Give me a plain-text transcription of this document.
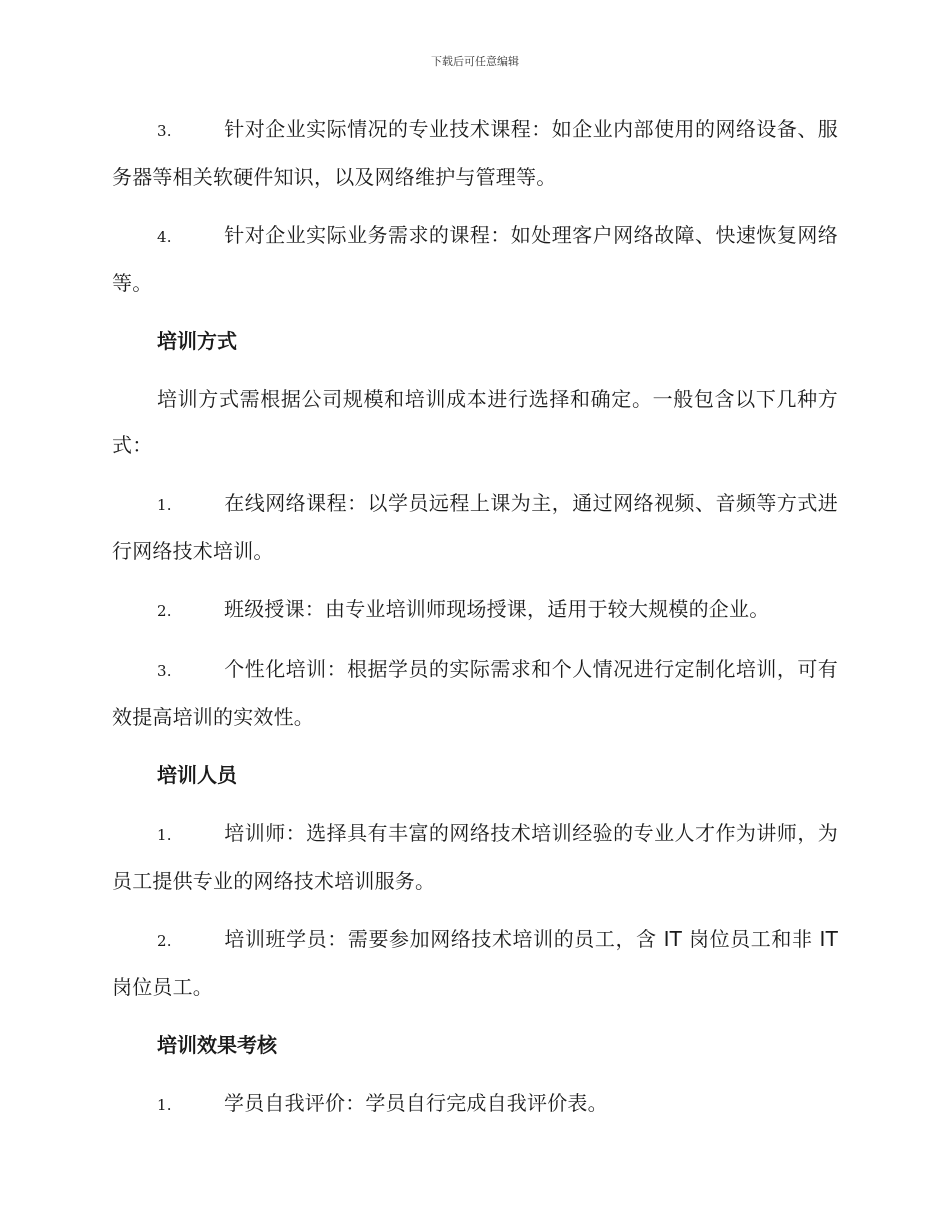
下载后可任意编辑

3.	针对企业实际情况的专业技术课程：如企业内部使用的网络设备、服务器等相关软硬件知识，以及网络维护与管理等。

4.	针对企业实际业务需求的课程：如处理客户网络故障、快速恢复网络等。

培训方式

培训方式需根据公司规模和培训成本进行选择和确定。一般包含以下几种方式：

1.	在线网络课程：以学员远程上课为主，通过网络视频、音频等方式进行网络技术培训。

2.	班级授课：由专业培训师现场授课，适用于较大规模的企业。

3.	个性化培训：根据学员的实际需求和个人情况进行定制化培训，可有效提高培训的实效性。

培训人员

1.	培训师：选择具有丰富的网络技术培训经验的专业人才作为讲师，为员工提供专业的网络技术培训服务。

2.	培训班学员：需要参加网络技术培训的员工，含 IT 岗位员工和非 IT 岗位员工。

培训效果考核

1.	学员自我评价：学员自行完成自我评价表。
